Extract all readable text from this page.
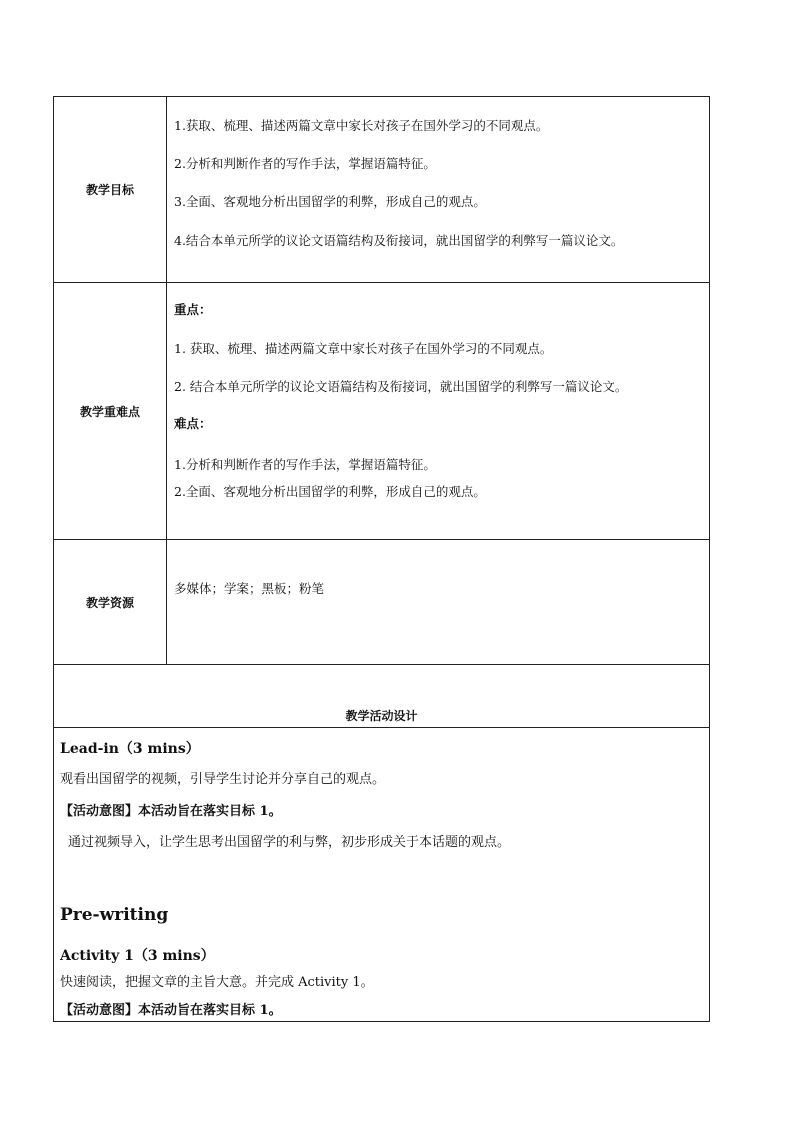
教学目标
1.获取、梳理、描述两篇文章中家长对孩子在国外学习的不同观点。
2.分析和判断作者的写作手法，掌握语篇特征。
3.全面、客观地分析出国留学的利弊，形成自己的观点。
4.结合本单元所学的议论文语篇结构及衔接词，就出国留学的利弊写一篇议论文。
教学重难点
重点：
1. 获取、梳理、描述两篇文章中家长对孩子在国外学习的不同观点。
2. 结合本单元所学的议论文语篇结构及衔接词，就出国留学的利弊写一篇议论文。
难点：
1.分析和判断作者的写作手法，掌握语篇特征。
2.全面、客观地分析出国留学的利弊，形成自己的观点。
教学资源
多媒体；学案；黑板；粉笔
教学活动设计
Lead-in（3 mins）
观看出国留学的视频，引导学生讨论并分享自己的观点。
【活动意图】本活动旨在落实目标 1。
通过视频导入，让学生思考出国留学的利与弊，初步形成关于本话题的观点。
Pre-writing
Activity 1（3 mins）
快速阅读，把握文章的主旨大意。并完成 Activity 1。
【活动意图】本活动旨在落实目标 1。
